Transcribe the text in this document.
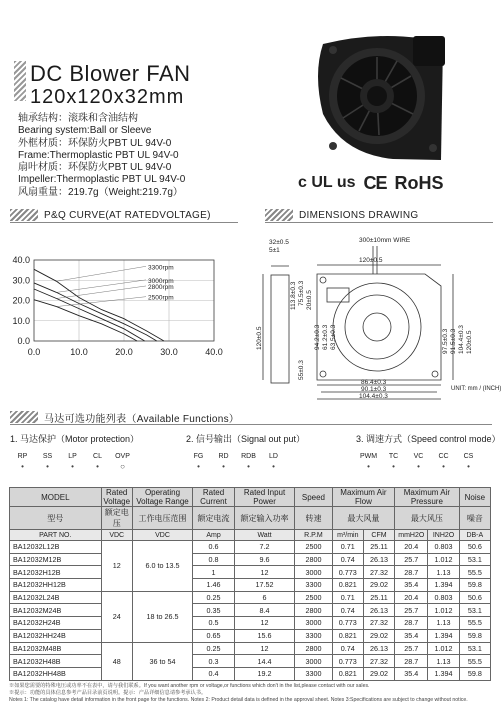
DC Blower FAN
120x120x32mm
轴承结构：滚珠和含油结构
Bearing system:Ball or Sleeve
外框材质：环保防火PBT UL 94V-0
Frame:Thermoplastic PBT UL 94V-0
扇叶材质：环保防火PBT UL 94V-0
Impeller:Thermoplastic PBT UL 94V-0
风扇重量：219.7g（Weight:219.7g）
c UL us CE RoHS
P&Q CURVE(AT RATEDVOLTAGE)	DIMENSIONS DRAWING
马达可选功能列表（Available Functions）
40.0
30.0
20.0
10.0
0.0
0.0	10.0	20.0	30.0	40.0
3300rpm
3000rpm
2800rpm
2500rpm
32±0.5
5±1
300±10mm WIRE
120±0.5
113.8±0.3 75.5±0.3 20±0.5
120±0.5
55±0.3
94.2±0.3 61.2±0.3 63.5±0.3	97.5±0.3 91.5±0.3 104.4±0.3 120±0.5
86.4±0.3
90.1±0.3
104.4±0.3
UNIT: mm / (INCH)
1. 马达保护（Motor protection）	2. 信号输出（Signal out put）	3. 调速方式（Speed control mode）
RP
•
SS
•
LP
•
CL
•
OVP
○
FG
•
RD
•
RDB
•
LD
•
PWM
•
TC
•
VC
•
CC
•
CS
•
MODEL	Rated Voltage	Operating Voltage Range	Rated Current	Rated Input Power	Speed	Maximum Air Flow		Maximum Air Pressure		Noise
型号	额定电压	工作电压范围	额定电流	额定输入功率	转速	最大风量		最大风压		噪音
PART NO.	VDC	VDC	Amp	Watt	R.P.M	m³/min	CFM	mmH2O	INH2O	DB-A
BA12032L12B	12	6.0 to 13.5	0.6	7.2	2500	0.71	25.11	20.4	0.803	50.6
BA12032M12B			0.8	9.6	2800	0.74	26.13	25.7	1.012	53.1
BA12032H12B			1	12	3000	0.773	27.32	28.7	1.13	55.5
BA12032HH12B			1.46	17.52	3300	0.821	29.02	35.4	1.394	59.8
BA12032L24B	24	18 to 26.5	0.25	6	2500	0.71	25.11	20.4	0.803	50.6
BA12032M24B			0.35	8.4	2800	0.74	26.13	25.7	1.012	53.1
BA12032H24B			0.5	12	3000	0.773	27.32	28.7	1.13	55.5
BA12032HH24B			0.65	15.6	3300	0.821	29.02	35.4	1.394	59.8
BA12032M48B	48	36 to 54	0.25	12	2800	0.74	26.13	25.7	1.012	53.1
BA12032H48B			0.3	14.4	3000	0.773	27.32	28.7	1.13	55.5
BA12032HH48B			0.4	19.2	3300	0.821	29.02	35.4	1.394	59.8
※如果您需要的特殊电压或功率不在表中，请与我们联系。If you want another rpm or voltage,or functions which don't in the list,please contact with our sales.
※提示：功能的具体信息参考产品目录前页说明。提示：产品详细信息请参考承认书。
Notes 1: The catalog have detail information in the front page for the functions. Notes 2: Product detail data is defined in the approval sheet. Notes 3:Specifications are subject to change without notice.
